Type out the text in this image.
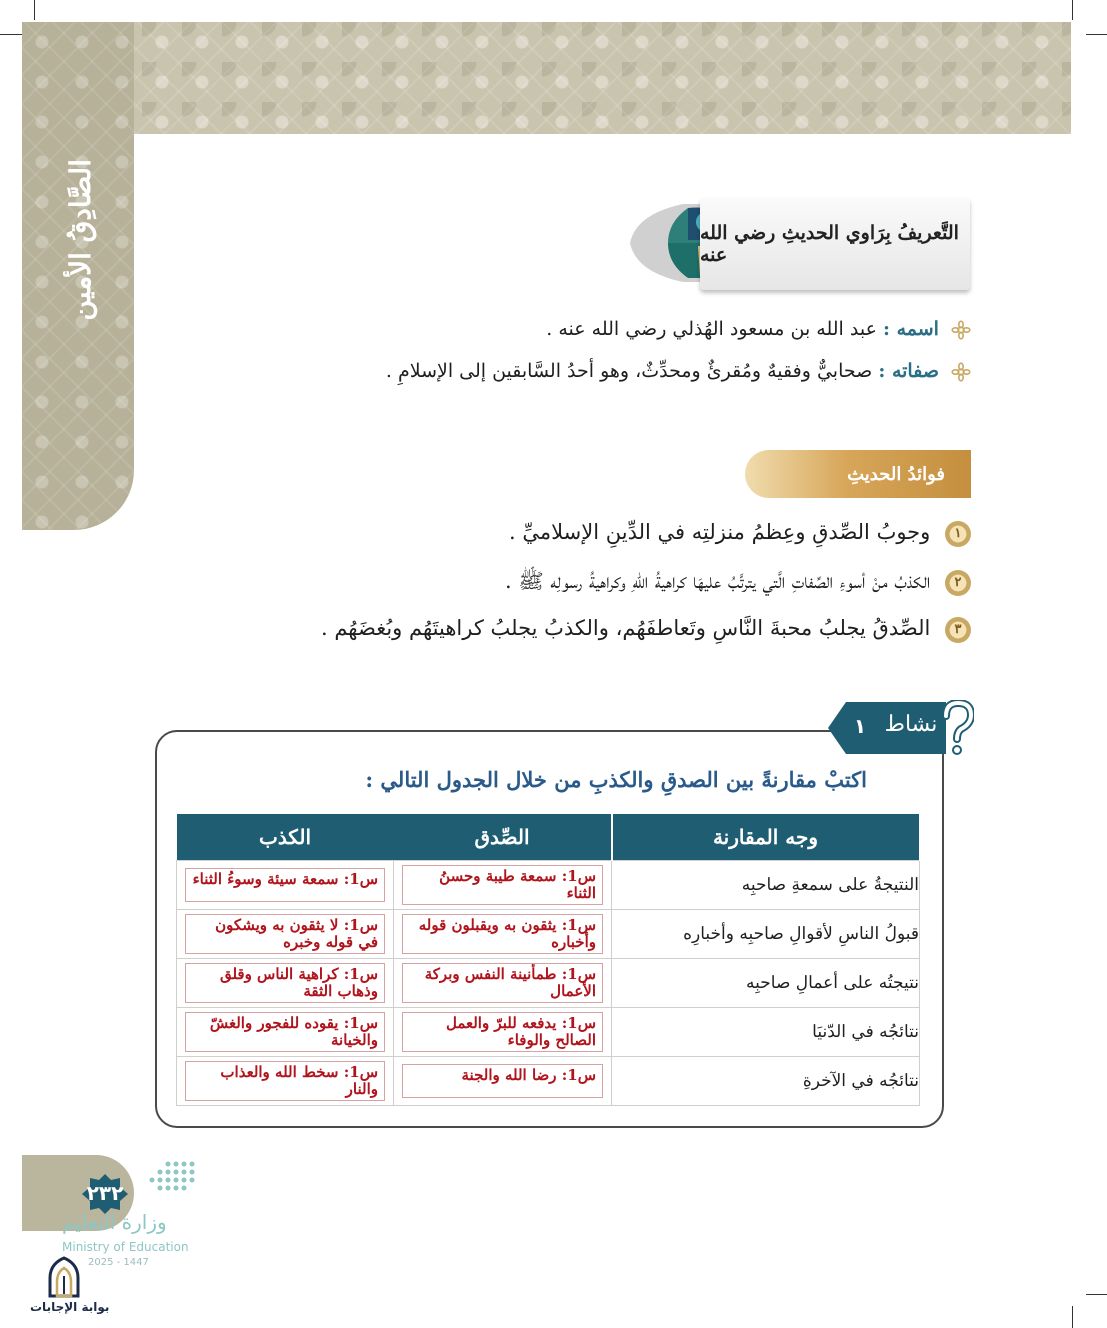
الصَّادِقُ الأمين	التَّعريفُ بِرَاوي الحديثِ رضي الله عنه
اسمه : عبد الله بن مسعود الهُذلي رضي الله عنه .
صفاته : صحابيٌّ وفقيهٌ ومُقرئٌ ومحدِّثٌ، وهو أحدُ السَّابقين إلى الإسلامِ .
فوائدُ الحديثِ
١ وجوبُ الصِّدقِ وعِظمُ منزلتِه في الدِّينِ الإسلاميِّ .
٢ الكذبُ منْ أسوءِ الصِّفاتِ الَّتي يترتَّبُ عليهَا كراهيةُ اللهِ وكراهيةُ رسولِه ﷺ .
٣ الصِّدقُ يجلبُ محبةَ النَّاسِ وتَعاطفَهُم، والكذبُ يجلبُ كراهيتَهُم وبُغضَهُم .
١ نشاط
اكتبْ مقارنةً بين الصدقِ والكذبِ من خلال الجدول التالي :
وجه المقارنة	الصِّدق	الكذب
النتيجةُ على سمعةِ صاحبِه	س1: سمعة طيبة وحسنُ الثناء	س1: سمعة سيئة وسوءُ الثناء

قبولُ الناسِ لأقوالِ صاحبِه وأخبارِه	س1: يثقون به ويقبلون قوله وأخباره	س1: لا يثقون به ويشكون في قوله وخبره

نتيجتُه على أعمالِ صاحبِه	س1: طمأنينة النفس وبركة الأعمال	س1: كراهية الناس وقلق وذهاب الثقة

نتائجُه في الدّنيَا	س1: يدفعه للبرّ والعمل الصالح والوفاء	س1: يقوده للفجور والغشّ والخيانة

نتائجُه في الآخرةِ	س1: رضا الله والجنة	س1: سخط الله والعذاب والنار
٢٣٢
وزارة التعليم
Ministry of Education
2025 - 1447
بوابة الإجابات
